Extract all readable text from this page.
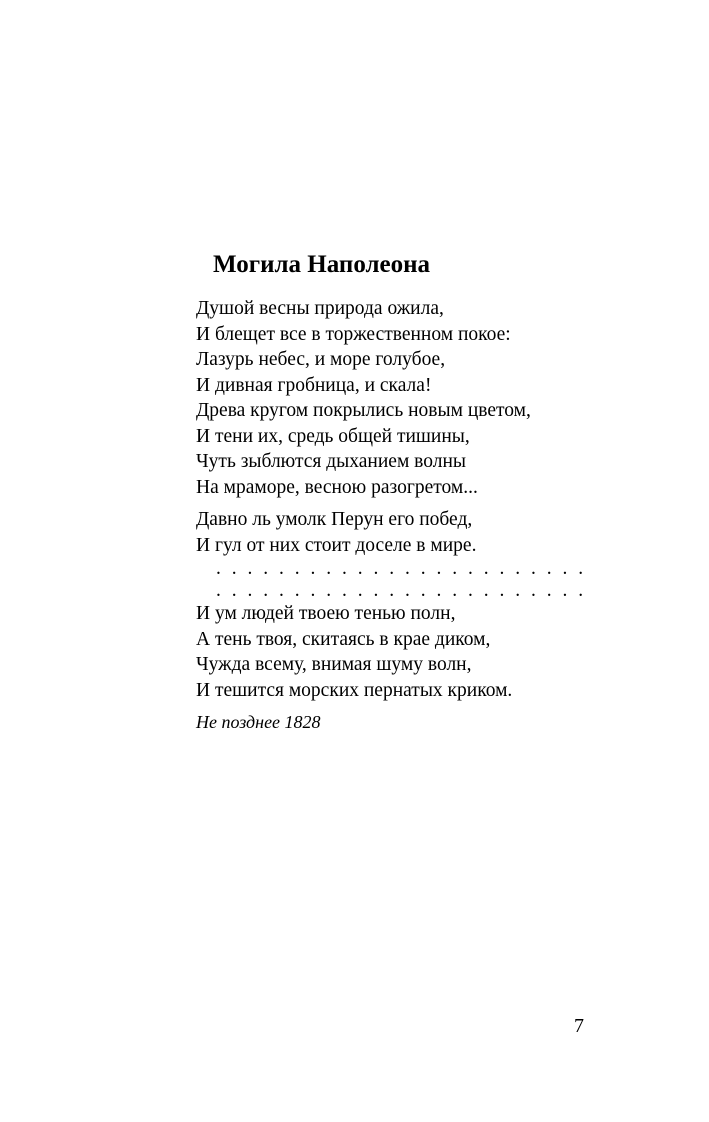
Могила Наполеона
Душой весны природа ожила,
И блещет все в торжественном покое:
Лазурь небес, и море голубое,
И дивная гробница, и скала!
Древа кругом покрылись новым цветом,
И тени их, средь общей тишины,
Чуть зыблются дыханием волны
На мраморе, весною разогретом...
Давно ль умолк Перун его побед,
И гул от них стоит доселе в мире.
. . . . . . . . . . . . . . . . . . . . . . . .
. . . . . . . . . . . . . . . . . . . . . . . .
И ум людей твоею тенью полн,
А тень твоя, скитаясь в крае диком,
Чужда всему, внимая шуму волн,
И тешится морских пернатых криком.
Не позднее 1828
7
